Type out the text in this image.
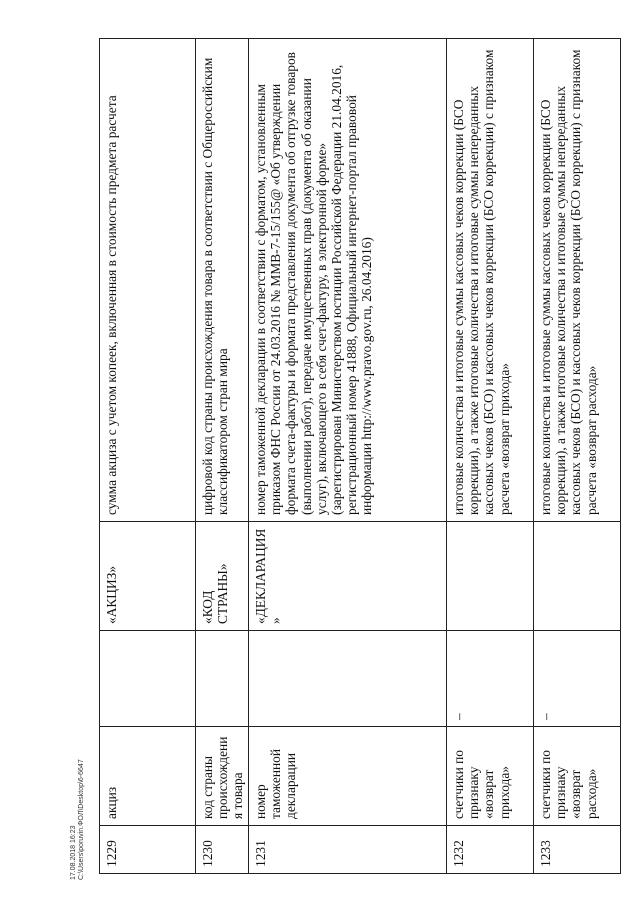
1229	акциз		«АКЦИЗ»	сумма акциза с учетом копеек, включенная в стоимость предмета расчета
1230	код страны происхождения товара		«КОД СТРАНЫ»	цифровой код страны происхождения товара в соответствии с Общероссийским классификатором стран мира
1231	номер таможенной декларации		«ДЕКЛАРАЦИЯ»	номер таможенной декларации в соответствии с форматом, установленным приказом ФНС России от 24.03.2016 № ММВ-7-15/155@ «Об утверждении формата счета-фактуры и формата представления документа об отгрузке товаров (выполнении работ), передаче имущественных прав (документа об оказании услуг), включающего в себя счет-фактуру, в электронной форме» (зарегистрирован Министерством юстиции Российской Федерации 21.04.2016, регистрационный номер 41888, Официальный интернет-портал правовой информации http://www.pravo.gov.ru, 26.04.2016)
1232	счетчики по признаку «возврат прихода»	–		итоговые количества и итоговые суммы кассовых чеков коррекции (БСО коррекции), а также итоговые количества и итоговые суммы непереданных кассовых чеков (БСО) и кассовых чеков коррекции (БСО коррекции) с признаком расчета «возврат прихода»
1233	счетчики по признаку «возврат расхода»	–		итоговые количества и итоговые суммы кассовых чеков коррекции (БСО коррекции), а также итоговые количества и итоговые суммы непереданных кассовых чеков (БСО) и кассовых чеков коррекции (БСО коррекции) с признаком расчета «возврат расхода»
17.08.2018 16:23 C:\Users\poruvin.ФОЛ\Desktop\6-6647
